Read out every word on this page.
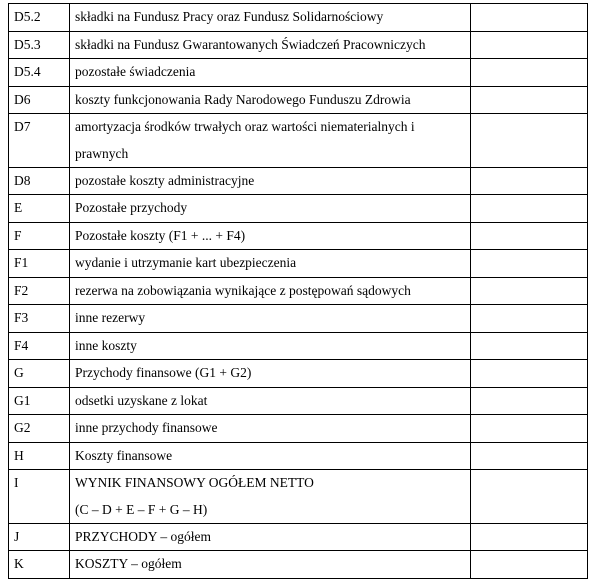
D5.2	składki na Fundusz Pracy oraz Fundusz Solidarnościowy	

D5.3	składki na Fundusz Gwarantowanych Świadczeń Pracowniczych	

D5.4	pozostałe świadczenia	

D6	koszty funkcjonowania Rady Narodowego Funduszu Zdrowia	

D7	amortyzacja środków trwałych oraz wartości niematerialnych i
prawnych	

D8	pozostałe koszty administracyjne	

E	Pozostałe przychody	

F	Pozostałe koszty (F1 + ... + F4)	

F1	wydanie i utrzymanie kart ubezpieczenia	

F2	rezerwa na zobowiązania wynikające z postępowań sądowych	

F3	inne rezerwy	

F4	inne koszty	

G	Przychody finansowe (G1 + G2)	

G1	odsetki uzyskane z lokat	

G2	inne przychody finansowe	

H	Koszty finansowe	

I	WYNIK FINANSOWY OGÓŁEM NETTO
(C – D + E – F + G – H)	

J	PRZYCHODY – ogółem	

K	KOSZTY – ogółem	
